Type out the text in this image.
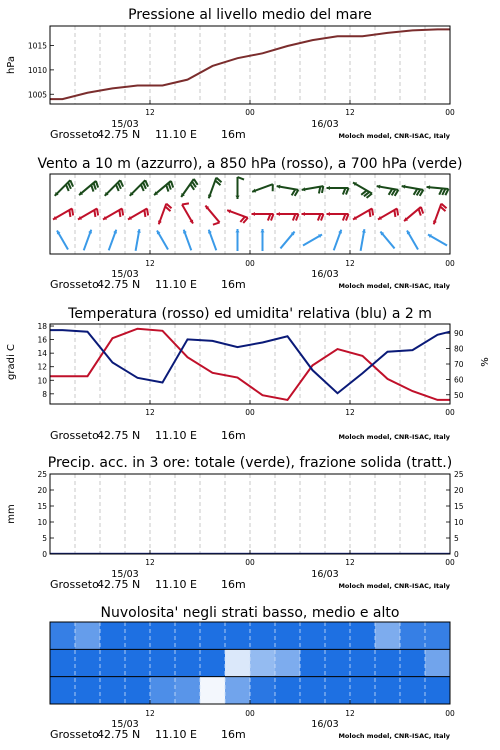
Pressione al livello medio del mare
hPa
1005
1010
1015
12	00	12	00
15/03	16/03
Grosseto
42.75 N 11.10 E 16m	Moloch model, CNR-ISAC, Italy
Vento a 10 m (azzurro), a 850 hPa (rosso), a 700 hPa (verde)
12	00	12	00
15/03	16/03
Grosseto
42.75 N 11.10 E 16m	Moloch model, CNR-ISAC, Italy
Temperatura (rosso) ed umidita' relativa (blu) a 2 m
gradi C	%
8
10
12
14
16
18
50
60
70
80
90
12	00	12	00
Grosseto
42.75 N 11.10 E 16m	Moloch model, CNR-ISAC, Italy
Precip. acc. in 3 ore: totale (verde), frazione solida (tratt.)
mm
0	0
5	5
10	10
15	15
20	20
25	25
12	00	12	00
15/03	16/03
Grosseto
42.75 N 11.10 E 16m	Moloch model, CNR-ISAC, Italy
Nuvolosita' negli strati basso, medio e alto
12	00	12	00
15/03	16/03
Grosseto
42.75 N 11.10 E 16m	Moloch model, CNR-ISAC, Italy
